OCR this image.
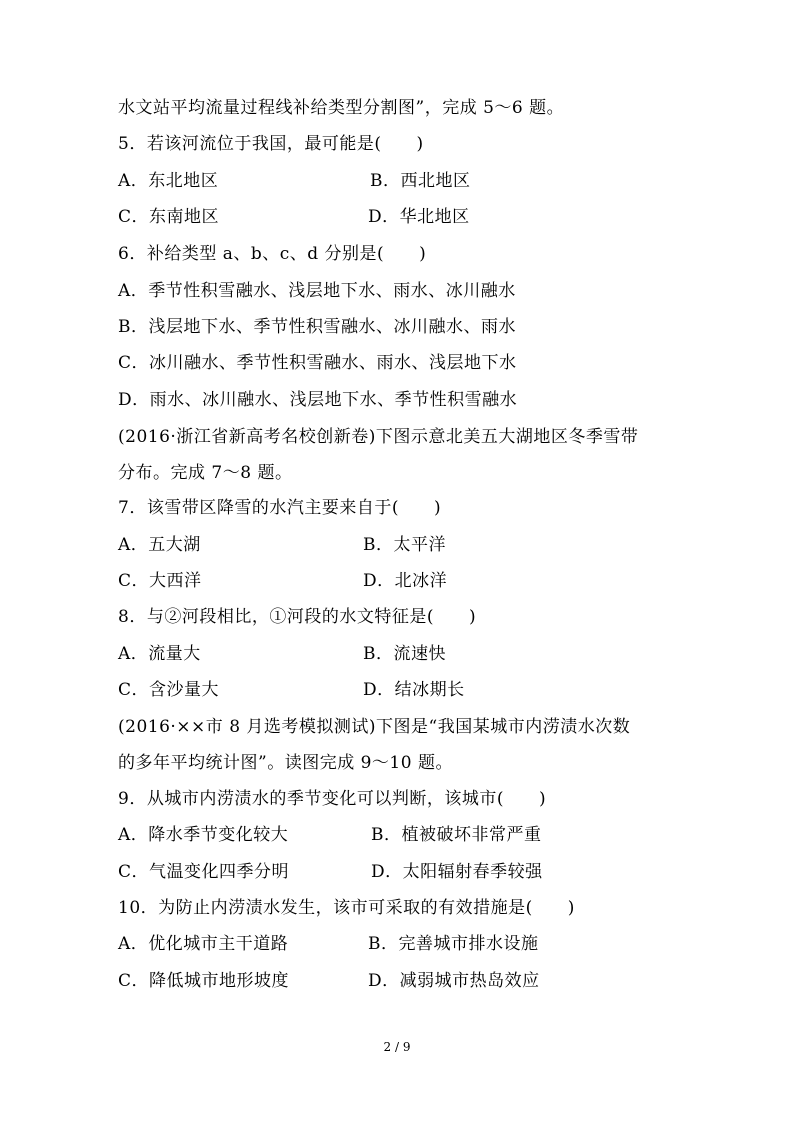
水文站平均流量过程线补给类型分割图”，完成 5～6 题。
5．若该河流位于我国，最可能是(　　)
A．东北地区	B．西北地区
C．东南地区	D．华北地区
6．补给类型 a、b、c、d 分别是(　　)
A．季节性积雪融水、浅层地下水、雨水、冰川融水
B．浅层地下水、季节性积雪融水、冰川融水、雨水
C．冰川融水、季节性积雪融水、雨水、浅层地下水
D．雨水、冰川融水、浅层地下水、季节性积雪融水
(2016·浙江省新高考名校创新卷)下图示意北美五大湖地区冬季雪带
分布。完成 7～8 题。
7．该雪带区降雪的水汽主要来自于(　　)
A．五大湖	B．太平洋
C．大西洋	D．北冰洋
8．与②河段相比，①河段的水文特征是(　　)
A．流量大	B．流速快
C．含沙量大	D．结冰期长
(2016·××市 8 月选考模拟测试)下图是“我国某城市内涝渍水次数
的多年平均统计图”。读图完成 9～10 题。
9．从城市内涝渍水的季节变化可以判断，该城市(　　)
A．降水季节变化较大	B．植被破坏非常严重
C．气温变化四季分明	D．太阳辐射春季较强
10．为防止内涝渍水发生，该市可采取的有效措施是(　　)
A．优化城市主干道路	B．完善城市排水设施
C．降低城市地形坡度	D．减弱城市热岛效应
2 / 9
